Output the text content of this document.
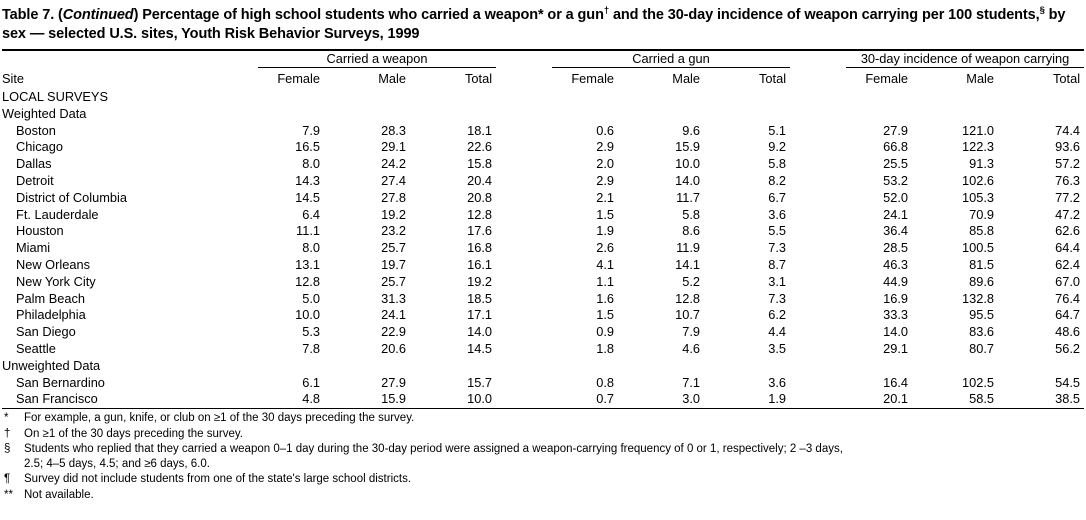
Table 7. (Continued) Percentage of high school students who carried a weapon* or a gun† and the 30-day incidence of weapon carrying per 100 students,§ by sex — selected U.S. sites, Youth Risk Behavior Surveys, 1999
	Carried a weapon				Carried a gun				30-day incidence of weapon carrying		

Site	Female	Male	Total		Female	Male	Total		Female	Male	Total
LOCAL SURVEYS											
Weighted Data											
Boston	7.9	28.3	18.1		0.6	9.6	5.1		27.9	121.0	74.4
Chicago	16.5	29.1	22.6		2.9	15.9	9.2		66.8	122.3	93.6
Dallas	8.0	24.2	15.8		2.0	10.0	5.8		25.5	91.3	57.2
Detroit	14.3	27.4	20.4		2.9	14.0	8.2		53.2	102.6	76.3
District of Columbia	14.5	27.8	20.8		2.1	11.7	6.7		52.0	105.3	77.2
Ft. Lauderdale	6.4	19.2	12.8		1.5	5.8	3.6		24.1	70.9	47.2
Houston	11.1	23.2	17.6		1.9	8.6	5.5		36.4	85.8	62.6
Miami	8.0	25.7	16.8		2.6	11.9	7.3		28.5	100.5	64.4
New Orleans	13.1	19.7	16.1		4.1	14.1	8.7		46.3	81.5	62.4
New York City	12.8	25.7	19.2		1.1	5.2	3.1		44.9	89.6	67.0
Palm Beach	5.0	31.3	18.5		1.6	12.8	7.3		16.9	132.8	76.4
Philadelphia	10.0	24.1	17.1		1.5	10.7	6.2		33.3	95.5	64.7
San Diego	5.3	22.9	14.0		0.9	7.9	4.4		14.0	83.6	48.6
Seattle	7.8	20.6	14.5		1.8	4.6	3.5		29.1	80.7	56.2
Unweighted Data											
San Bernardino	6.1	27.9	15.7		0.8	7.1	3.6		16.4	102.5	54.5
San Francisco	4.8	15.9	10.0		0.7	3.0	1.9		20.1	58.5	38.5
*	For example, a gun, knife, or club on ≥1 of the 30 days preceding the survey.
†	On ≥1 of the 30 days preceding the survey.
§	Students who replied that they carried a weapon 0–1 day during the 30-day period were assigned a weapon-carrying frequency of 0 or 1, respectively; 2 –3 days,
2.5; 4–5 days, 4.5; and ≥6 days, 6.0.
¶	Survey did not include students from one of the state's large school districts.
** Not available.
